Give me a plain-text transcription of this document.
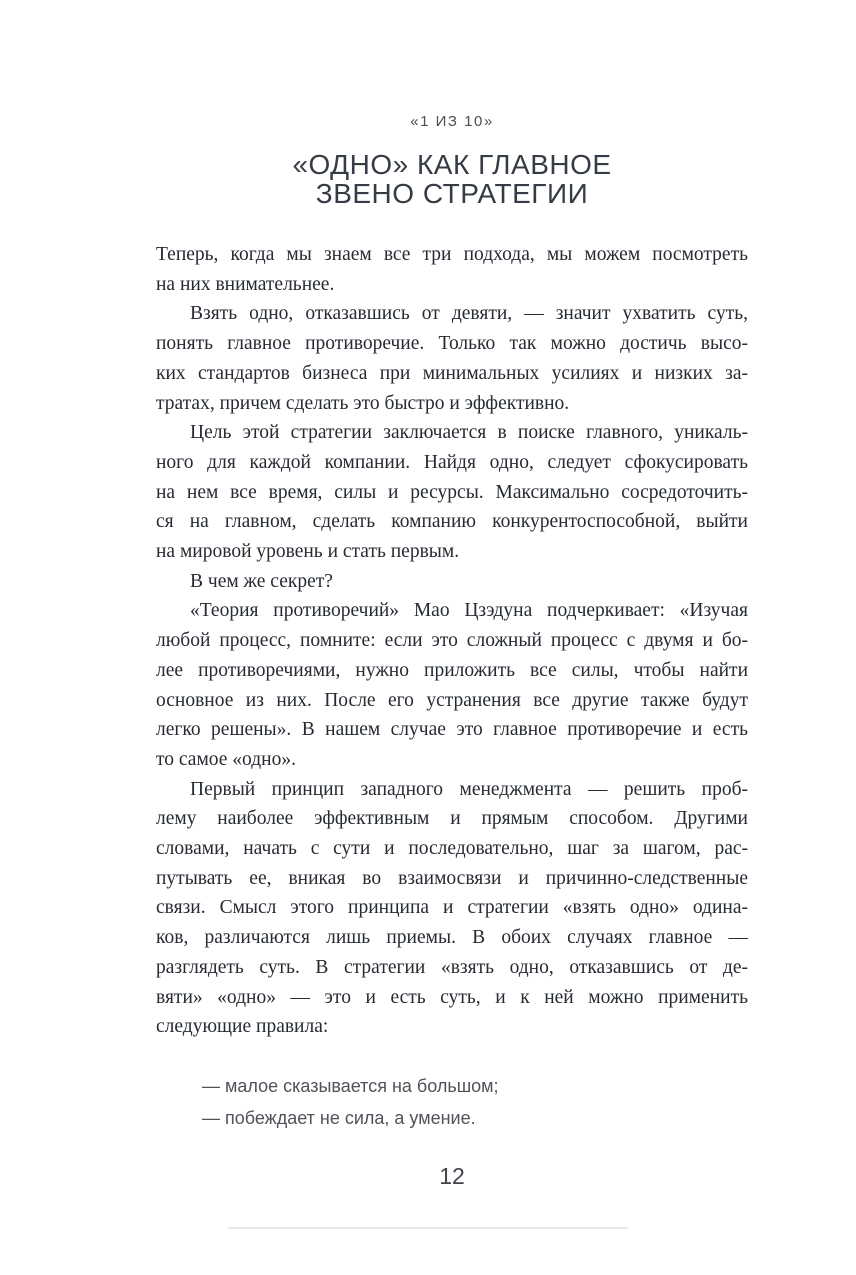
«1 ИЗ 10»
«ОДНО» КАК ГЛАВНОЕ
ЗВЕНО СТРАТЕГИИ
Теперь, когда мы знаем все три подхода, мы можем посмотреть
на них внимательнее.
Взять одно, отказавшись от девяти, — значит ухватить суть,
понять главное противоречие. Только так можно достичь высо-
ких стандартов бизнеса при минимальных усилиях и низких за-
тратах, причем сделать это быстро и эффективно.
Цель этой стратегии заключается в поиске главного, уникаль-
ного для каждой компании. Найдя одно, следует сфокусировать
на нем все время, силы и ресурсы. Максимально сосредоточить-
ся на главном, сделать компанию конкурентоспособной, выйти
на мировой уровень и стать первым.
В чем же секрет?
«Теория противоречий» Мао Цзэдуна подчеркивает: «Изучая
любой процесс, помните: если это сложный процесс с двумя и бо-
лее противоречиями, нужно приложить все силы, чтобы найти
основное из них. После его устранения все другие также будут
легко решены». В нашем случае это главное противоречие и есть
то самое «одно».
Первый принцип западного менеджмента — решить проб-
лему наиболее эффективным и прямым способом. Другими
словами, начать с сути и последовательно, шаг за шагом, рас-
путывать ее, вникая во взаимосвязи и причинно-следственные
связи. Смысл этого принципа и стратегии «взять одно» одина-
ков, различаются лишь приемы. В обоих случаях главное —
разглядеть суть. В стратегии «взять одно, отказавшись от де-
вяти» «одно» — это и есть суть, и к ней можно применить
следующие правила:
— малое сказывается на большом;
— побеждает не сила, а умение.
12
